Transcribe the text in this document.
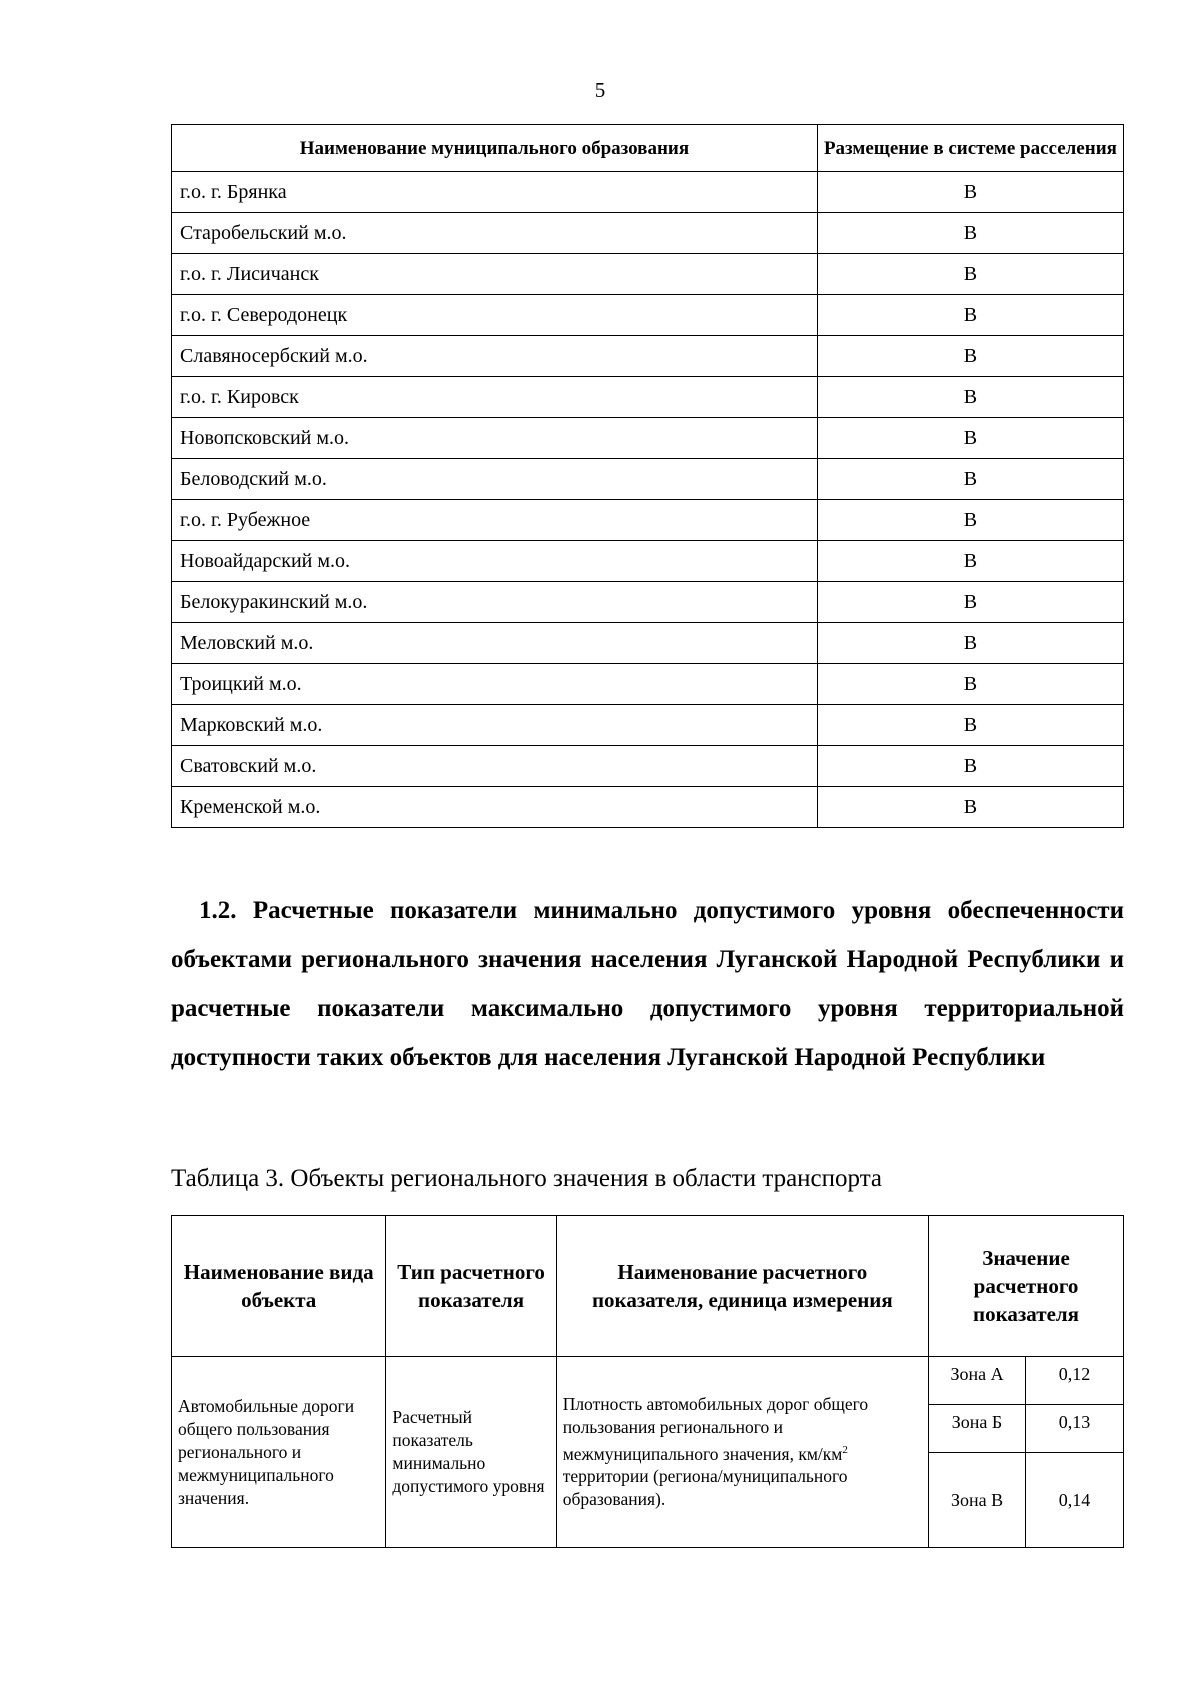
5
Наименование муниципального образования	Размещение в системе расселения

г.о. г. Брянка	В
Старобельский м.о.	В
г.о. г. Лисичанск	В
г.о. г. Северодонецк	В
Славяносербский м.о.	В
г.о. г. Кировск	В
Новопсковский м.о.	В
Беловодский м.о.	В
г.о. г. Рубежное	В
Новоайдарский м.о.	В
Белокуракинский м.о.	В
Меловский м.о.	В
Троицкий м.о.	В
Марковский м.о.	В
Сватовский м.о.	В
Кременской м.о.	В
1.2. Расчетные показатели минимально допустимого уровня обеспеченности объектами регионального значения населения Луганской Народной Республики и расчетные показатели максимально допустимого уровня территориальной доступности таких объектов для населения Луганской Народной Республики
Таблица 3. Объекты регионального значения в области транспорта
Наименование вида объекта	Тип расчетного показателя	Наименование расчетного показателя, единица измерения	Значение расчетного показателя	
Автомобильные дороги общего пользования регионального и межмуниципального значения.	Расчетный показатель минимально допустимого уровня	Плотность автомобильных дорог общего пользования регионального и межмуниципального значения, $км/км^2$ территории (региона/муниципального образования).	Зона А	0,12
			Зона Б	0,13
			Зона В	0,14
